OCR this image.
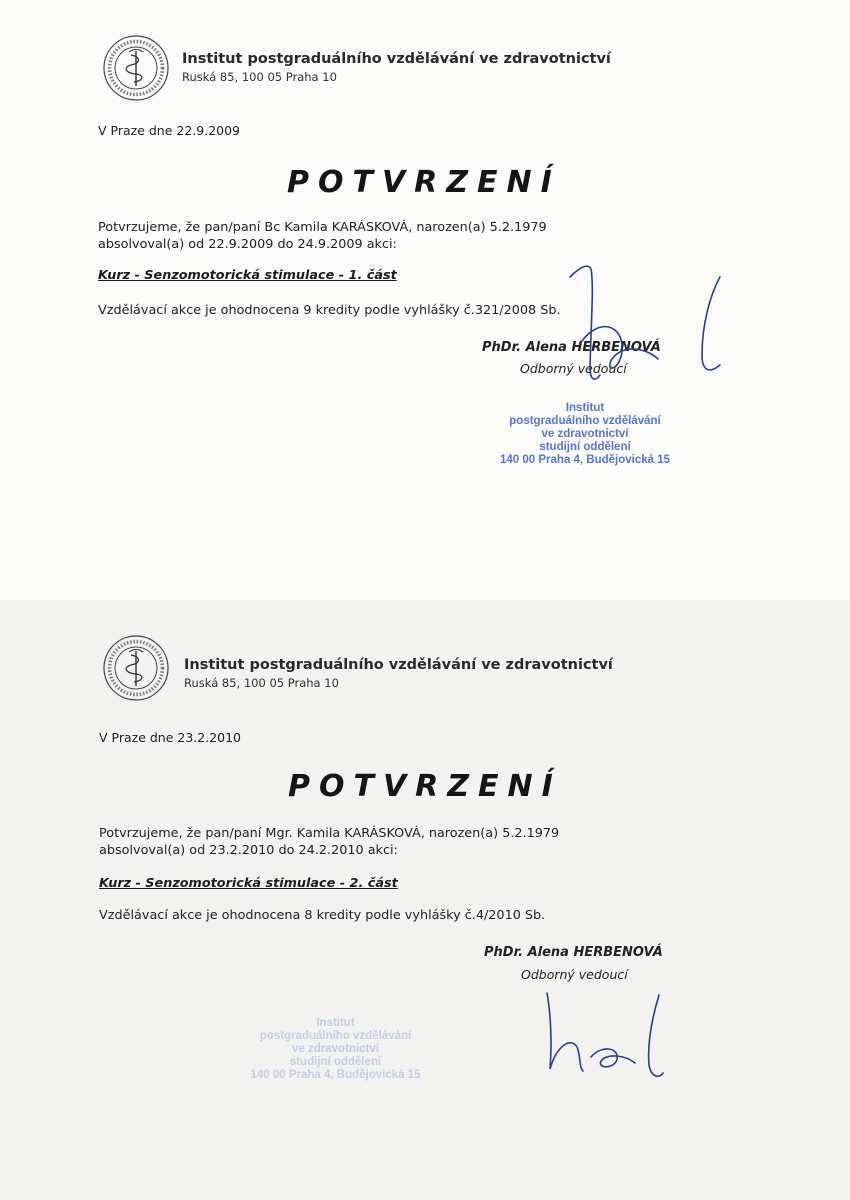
Institut postgraduálního vzdělávání ve zdravotnictví
Ruská 85, 100 05 Praha 10
V Praze dne 22.9.2009
POTVRZENÍ
Potvrzujeme, že pan/paní Bc Kamila KARÁSKOVÁ, narozen(a) 5.2.1979
absolvoval(a) od 22.9.2009 do 24.9.2009 akci:
Kurz - Senzomotorická stimulace - 1. část
Vzdělávací akce je ohodnocena 9 kredity podle vyhlášky č.321/2008 Sb.
PhDr. Alena HERBENOVÁ
Odborný vedoucí
Institut
postgraduálního vzdělávání
ve zdravotnictví
studijní oddělení
140 00 Praha 4, Budějovická 15
Institut postgraduálního vzdělávání ve zdravotnictví
Ruská 85, 100 05 Praha 10
V Praze dne 23.2.2010
POTVRZENÍ
Potvrzujeme, že pan/paní Mgr. Kamila KARÁSKOVÁ, narozen(a) 5.2.1979
absolvoval(a) od 23.2.2010 do 24.2.2010 akci:
Kurz - Senzomotorická stimulace - 2. část
Vzdělávací akce je ohodnocena 8 kredity podle vyhlášky č.4/2010 Sb.
PhDr. Alena HERBENOVÁ
Odborný vedoucí
Institut
postgraduálního vzdělávání
ve zdravotnictví
studijní oddělení
140 00 Praha 4, Budějovická 15
